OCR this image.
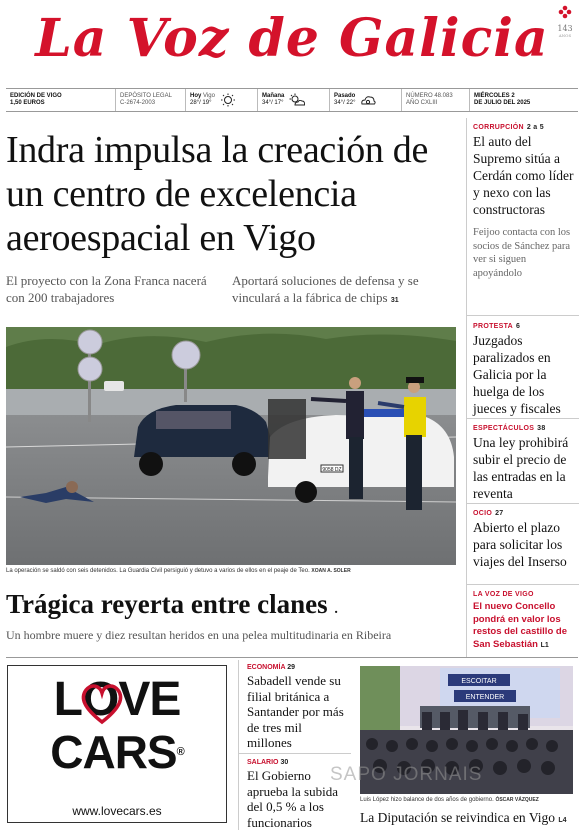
La Voz de Galicia	143
ANOS
EDICIÓN DE VIGO
1,50 EUROS
DEPÓSITO LEGAL
C-2674-2003
Hoy Vigo
28°/ 19°
Mañana
34°/ 17°
Pasado
34°/ 22°
NÚMERO 48.083
AÑO CXLIII
MIÉRCOLES 2
DE JULIO DEL 2025
Indra impulsa la creación de un centro de excelencia aeroespacial en Vigo
El proyecto con la Zona Franca nacerá con 200 trabajadores
Aportará soluciones de defensa y se vinculará a la fábrica de chips 31
9058 DZ
La operación se saldó con seis detenidos. La Guardia Civil persiguió y detuvo a varios de ellos en el peaje de Teo. XOAN A. SOLER
Trágica reyerta entre clanes .
Un hombre muere y diez resultan heridos en una pelea multitudinaria en Ribeira
CORRUPCIÓN 2 a 5
El auto del Supremo sitúa a Cerdán como líder y nexo con las constructoras
Feijoo contacta con los socios de Sánchez para ver si siguen apoyándolo
PROTESTA 6
Juzgados paralizados en Galicia por la huelga de los jueces y fiscales
ESPECTÁCULOS 38
Una ley prohibirá subir el precio de las entradas en la reventa
OCIO 27
Abierto el plazo para solicitar los viajes del Inserso
LA VOZ DE VIGO
El nuevo Concello pondrá en valor los restos del castillo de San Sebastián L1
LOVE
CARS®
www.lovecars.es
ECONOMÍA 29
Sabadell vende su filial británica a Santander por más de tres mil millones
SALARIO 30
El Gobierno aprueba la subida del 0,5 % a los funcionarios
ESCOITAR
ENTENDER
Luis López hizo balance de dos años de gobierno. ÓSCAR VÁZQUEZ
La Diputación se reivindica en Vigo L4
SAPO JORNAIS
